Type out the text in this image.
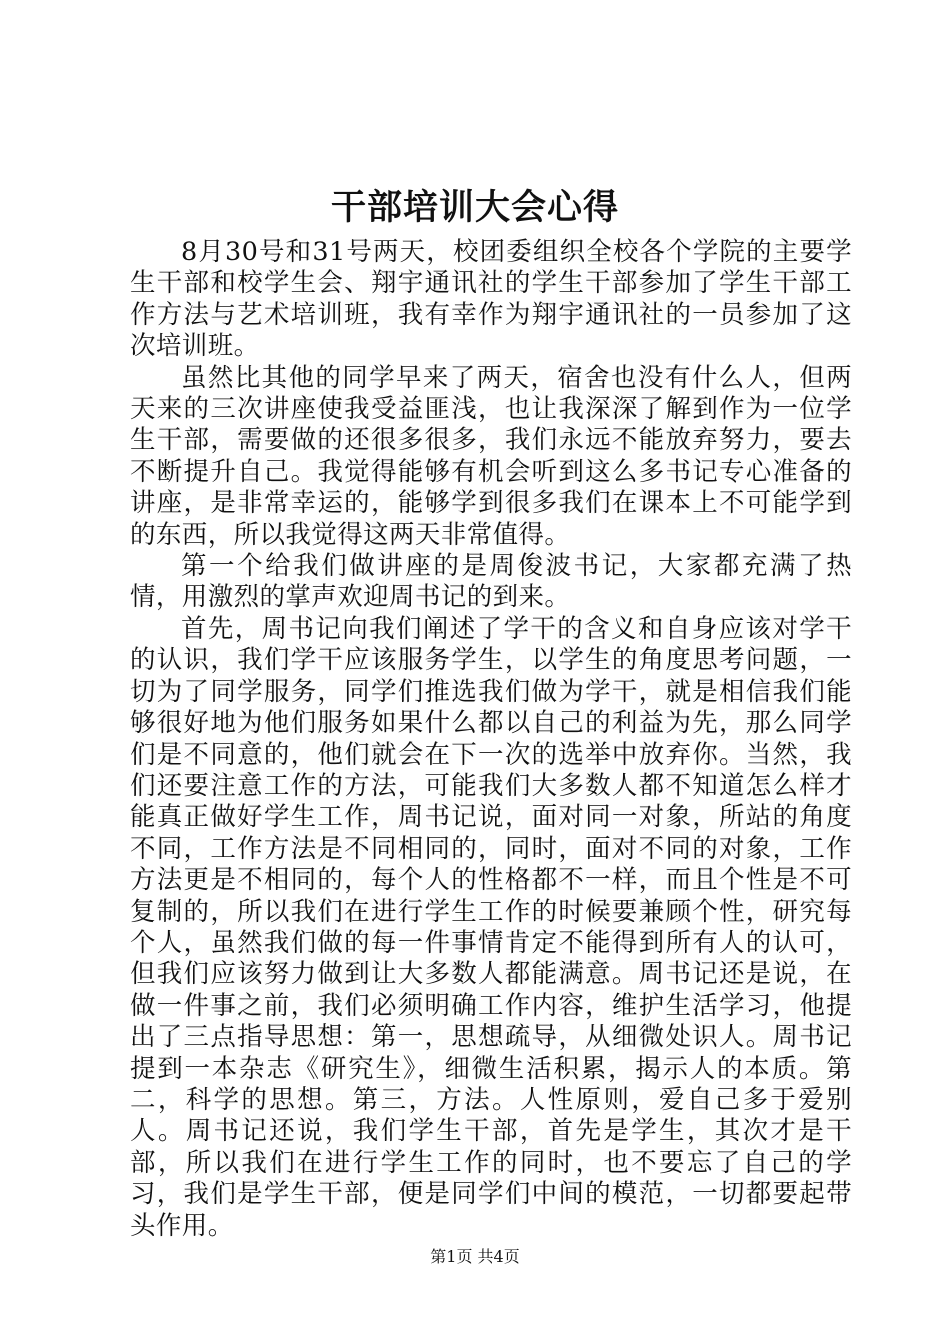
干部培训大会心得

8月30号和31号两天，校团委组织全校各个学院的主要学生干部和校学生会、翔宇通讯社的学生干部参加了学生干部工作方法与艺术培训班，我有幸作为翔宇通讯社的一员参加了这次培训班。

虽然比其他的同学早来了两天，宿舍也没有什么人，但两天来的三次讲座使我受益匪浅，也让我深深了解到作为一位学生干部，需要做的还很多很多，我们永远不能放弃努力，要去不断提升自己。我觉得能够有机会听到这么多书记专心准备的讲座，是非常幸运的，能够学到很多我们在课本上不可能学到的东西，所以我觉得这两天非常值得。

第一个给我们做讲座的是周俊波书记，大家都充满了热情，用激烈的掌声欢迎周书记的到来。

首先，周书记向我们阐述了学干的含义和自身应该对学干的认识，我们学干应该服务学生，以学生的角度思考问题，一切为了同学服务，同学们推选我们做为学干，就是相信我们能够很好地为他们服务如果什么都以自己的利益为先，那么同学们是不同意的，他们就会在下一次的选举中放弃你。当然，我们还要注意工作的方法，可能我们大多数人都不知道怎么样才能真正做好学生工作，周书记说，面对同一对象，所站的角度不同，工作方法是不同相同的，同时，面对不同的对象，工作方法更是不相同的，每个人的性格都不一样，而且个性是不可复制的，所以我们在进行学生工作的时候要兼顾个性，研究每个人，虽然我们做的每一件事情肯定不能得到所有人的认可，但我们应该努力做到让大多数人都能满意。周书记还是说，在做一件事之前，我们必须明确工作内容，维护生活学习，他提出了三点指导思想：第一，思想疏导，从细微处识人。周书记提到一本杂志《研究生》，细微生活积累，揭示人的本质。第二，科学的思想。第三，方法。人性原则，爱自己多于爱别人。周书记还说，我们学生干部，首先是学生，其次才是干部，所以我们在进行学生工作的同时，也不要忘了自己的学习，我们是学生干部，便是同学们中间的模范，一切都要起带头作用。

第1页 共4页
